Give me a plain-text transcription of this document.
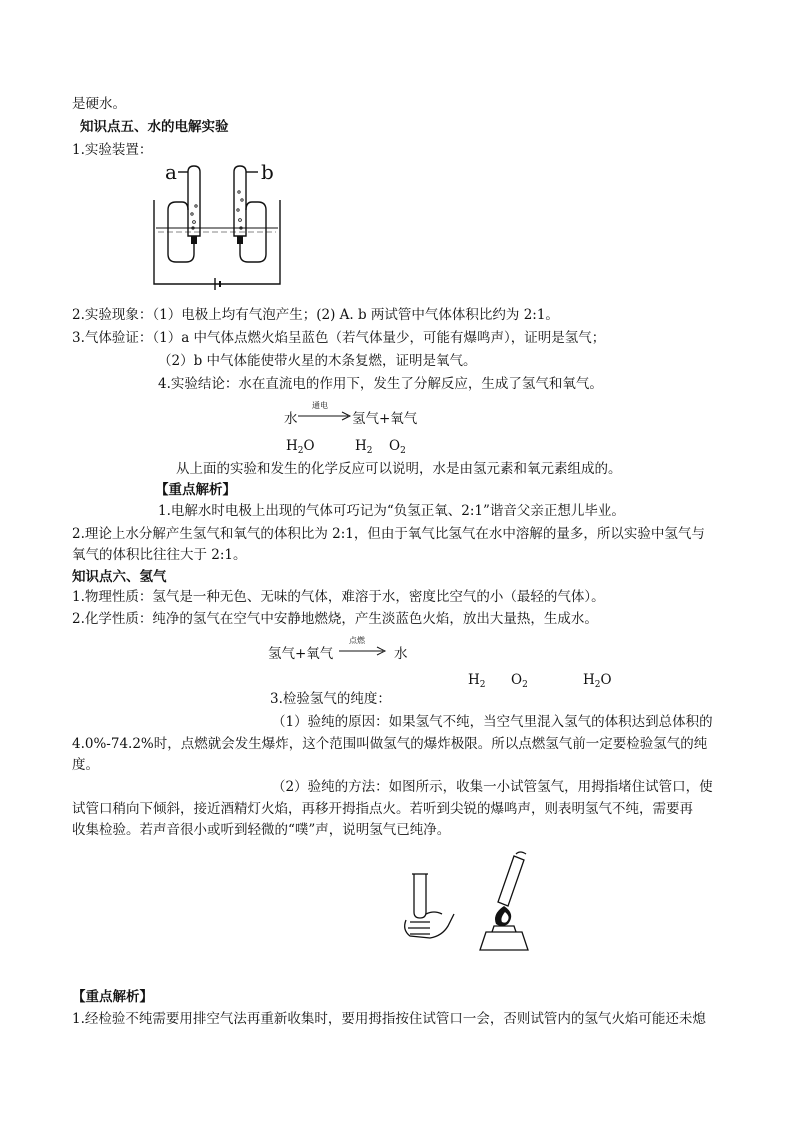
是硬水。
知识点五、水的电解实验
1.实验装置：
a	b
2.实验现象：（1）电极上均有气泡产生；(2) A. b 两试管中气体体积比约为 2:1。
3.气体验证：（1）a 中气体点燃火焰呈蓝色（若气体量少，可能有爆鸣声），证明是氢气；
（2）b 中气体能使带火星的木条复燃，证明是氧气。
4.实验结论：水在直流电的作用下，发生了分解反应，生成了氢气和氧气。
水
通电
氢气+氧气
$H_2O$	$H_2$ $O_2$
从上面的实验和发生的化学反应可以说明，水是由氢元素和氧元素组成的。
【重点解析】
1.电解水时电极上出现的气体可巧记为“负氢正氧、2:1”谐音父亲正想儿毕业。
2.理论上水分解产生氢气和氧气的体积比为 2:1，但由于氧气比氢气在水中溶解的量多，所以实验中氢气与
氧气的体积比往往大于 2:1。
知识点六、氢气
1.物理性质：氢气是一种无色、无味的气体，难溶于水，密度比空气的小（最轻的气体）。
2.化学性质：纯净的氢气在空气中安静地燃烧，产生淡蓝色火焰，放出大量热，生成水。
氢气+氧气
点燃
水
$H_2$ $O_2$	$H_2O$
3.检验氢气的纯度：
（1）验纯的原因：如果氢气不纯，当空气里混入氢气的体积达到总体积的
4.0%-74.2%时，点燃就会发生爆炸，这个范围叫做氢气的爆炸极限。所以点燃氢气前一定要检验氢气的纯
度。
（2）验纯的方法：如图所示，收集一小试管氢气，用拇指堵住试管口，使
试管口稍向下倾斜，接近酒精灯火焰，再移开拇指点火。若听到尖锐的爆鸣声，则表明氢气不纯，需要再
收集检验。若声音很小或听到轻微的“噗”声，说明氢气已纯净。
【重点解析】
1.经检验不纯需要用排空气法再重新收集时，要用拇指按住试管口一会，否则试管内的氢气火焰可能还未熄
